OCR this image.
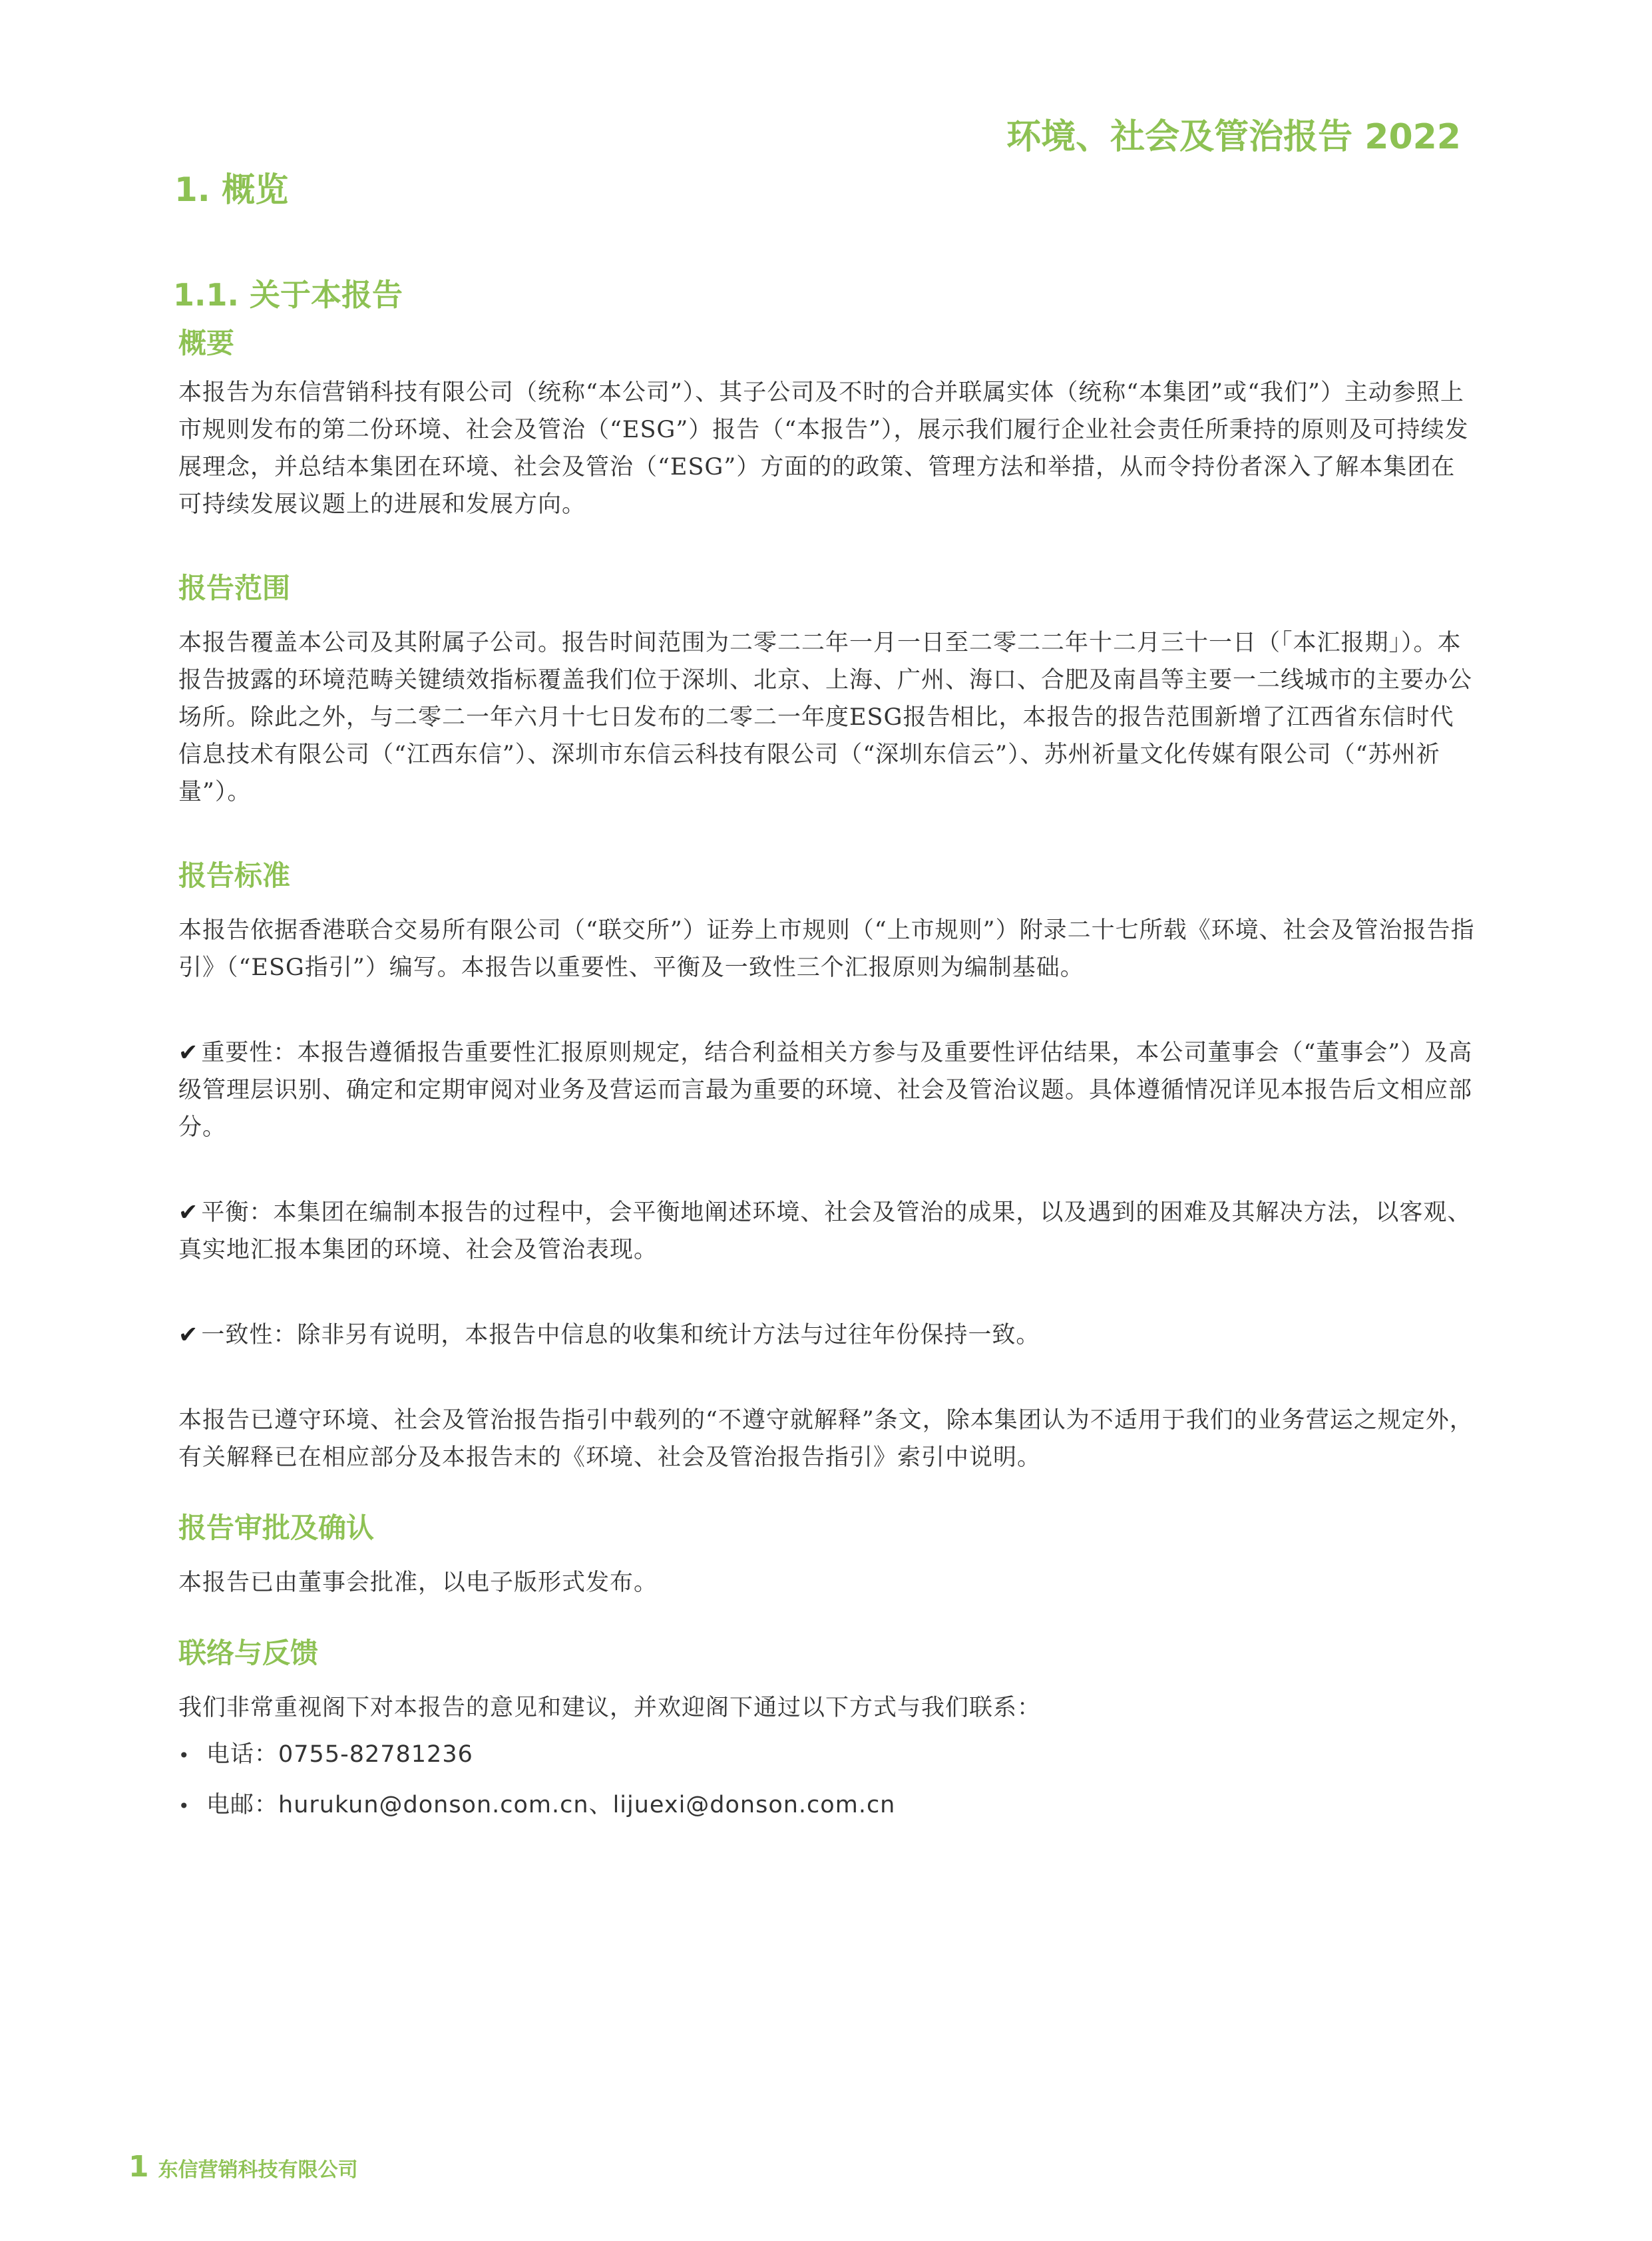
环境、社会及管治报告 2022
1. 概览
1.1. 关于本报告
概要

本报告为东信营销科技有限公司（统称“本公司”）、其子公司及不时的合并联属实体（统称“本集团”或“我们”）主动参照上市规则发布的第二份环境、社会及管治（“ESG”）报告（“本报告”），展示我们履行企业社会责任所秉持的原则及可持续发展理念，并总结本集团在环境、社会及管治（“ESG”）方面的的政策、管理方法和举措，从而令持份者深入了解本集团在可持续发展议题上的进展和发展方向。

报告范围

本报告覆盖本公司及其附属子公司。报告时间范围为二零二二年一月一日至二零二二年十二月三十一日（「本汇报期」）。本报告披露的环境范畴关键绩效指标覆盖我们位于深圳、北京、上海、广州、海口、合肥及南昌等主要一二线城市的主要办公场所。除此之外，与二零二一年六月十七日发布的二零二一年度ESG报告相比，本报告的报告范围新增了江西省东信时代信息技术有限公司（“江西东信”）、深圳市东信云科技有限公司（“深圳东信云”）、苏州祈量文化传媒有限公司（“苏州祈量”）。

报告标准

本报告依据香港联合交易所有限公司（“联交所”）证券上市规则（“上市规则”）附录二十七所载《环境、社会及管治报告指引》（“ESG指引”）编写。本报告以重要性、平衡及一致性三个汇报原则为编制基础。

✔ 重要性：本报告遵循报告重要性汇报原则规定，结合利益相关方参与及重要性评估结果，本公司董事会（“董事会”）及高级管理层识别、确定和定期审阅对业务及营运而言最为重要的环境、社会及管治议题。具体遵循情况详见本报告后文相应部分。

✔ 平衡：本集团在编制本报告的过程中，会平衡地阐述环境、社会及管治的成果，以及遇到的困难及其解决方法，以客观、真实地汇报本集团的环境、社会及管治表现。

✔ 一致性：除非另有说明，本报告中信息的收集和统计方法与过往年份保持一致。

本报告已遵守环境、社会及管治报告指引中载列的“不遵守就解释”条文，除本集团认为不适用于我们的业务营运之规定外，有关解释已在相应部分及本报告末的《环境、社会及管治报告指引》索引中说明。

报告审批及确认

本报告已由董事会批准，以电子版形式发布。

联络与反馈

我们非常重视阁下对本报告的意见和建议，并欢迎阁下通过以下方式与我们联系：

• 电话：0755-82781236
• 电邮：hurukun@donson.com.cn、lijuexi@donson.com.cn
1 东信营销科技有限公司
